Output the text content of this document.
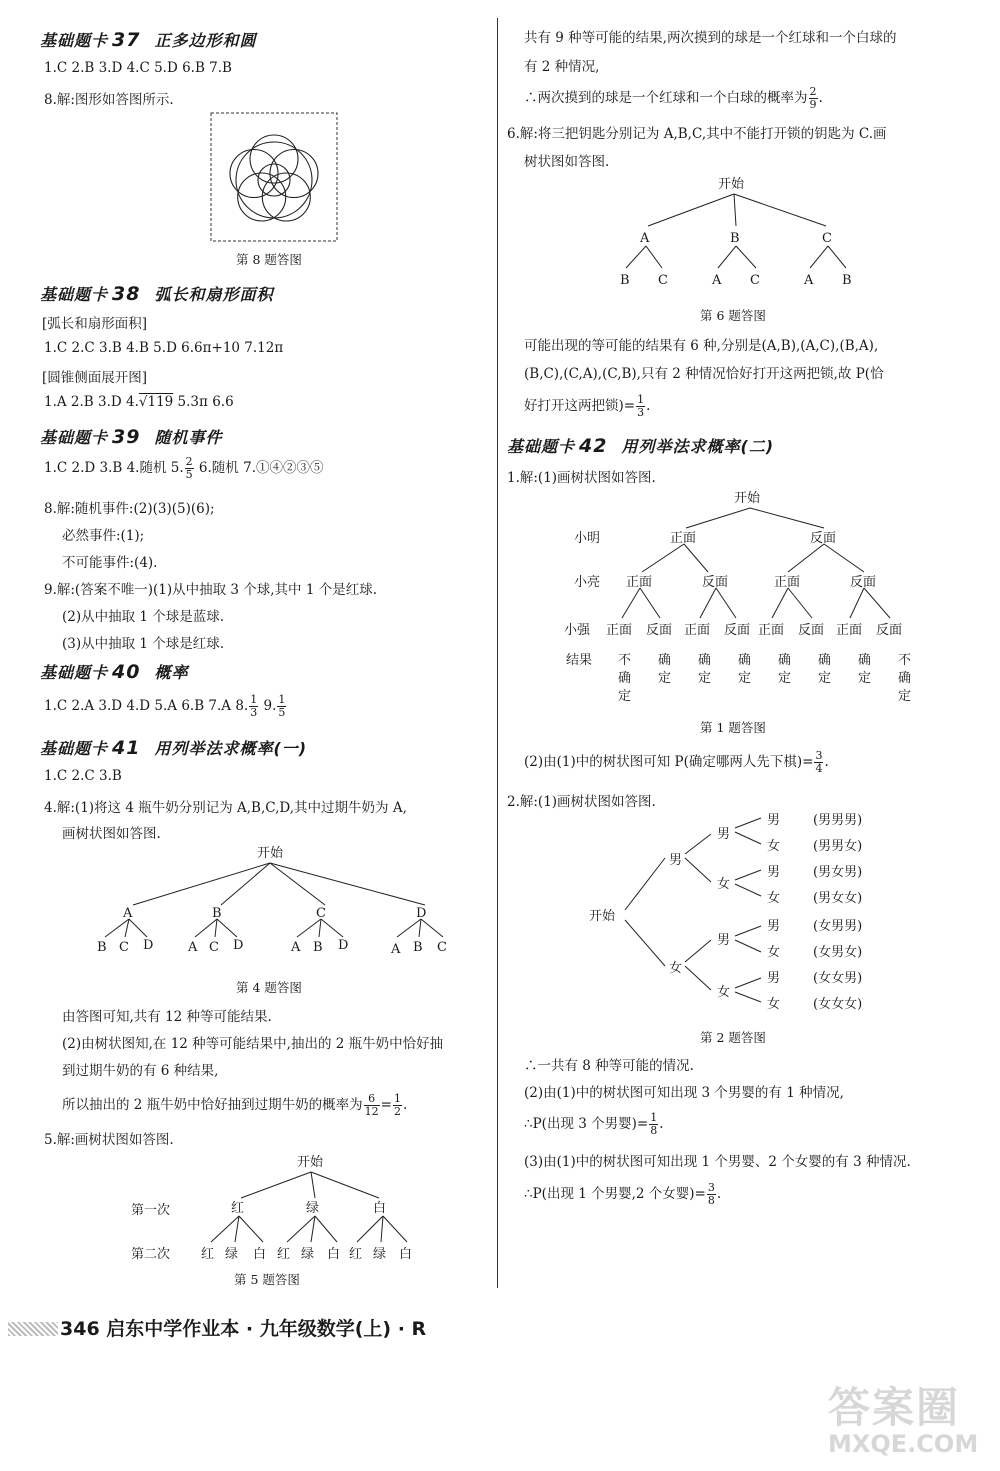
基础题卡 37 正多边形和圆
1.C 2.B 3.D 4.C 5.D 6.B 7.B
8.解:图形如答图所示.
第 8 题答图
基础题卡 38 弧长和扇形面积
[弧长和扇形面积]
1.C 2.C 3.B 4.B 5.D 6.6π+10 7.12π
[圆锥侧面展开图]
1.A 2.B 3.D 4.√119 5.3π 6.6
基础题卡 39 随机事件
1.C 2.D 3.B 4.随机 5. $\frac{2}{5} 6$.随机 7.①④②③⑤
8.解:随机事件:(2)(3)(5)(6);
必然事件:(1);
不可能事件:(4).
9.解:(答案不唯一)(1)从中抽取 3 个球,其中 1 个是红球.
(2)从中抽取 1 个球是蓝球.
(3)从中抽取 1 个球是红球.
基础题卡 40 概率
1.C 2.A 3.D 4.D 5.A 6.B 7.A 8. $\frac{1}{3} 9$. $\frac{1}{5}$
基础题卡 41 用列举法求概率(一)
1.C 2.C 3.B
4.解:(1)将这 4 瓶牛奶分别记为 A,B,C,D,其中过期牛奶为 A,
画树状图如答图.
开始
A	B	C	D
B C D	A C D	A B D	A B C
第 4 题答图
由答图可知,共有 12 种等可能结果.
(2)由树状图知,在 12 种等可能结果中,抽出的 2 瓶牛奶中恰好抽
到过期牛奶的有 6 种结果,
所以抽出的 2 瓶牛奶中恰好抽到过期牛奶的概率为 $\frac{6}{12} = \frac{1}{2}$ .
5.解:画树状图如答图.
开始
第一次
第二次
红	绿	白
红 绿 白 红 绿 白 红 绿 白
第 5 题答图
共有 9 种等可能的结果,两次摸到的球是一个红球和一个白球的
有 2 种情况,
∴两次摸到的球是一个红球和一个白球的概率为 $\frac{2}{9}$ .
6.解:将三把钥匙分别记为 A,B,C,其中不能打开锁的钥匙为 C.画
树状图如答图.
开始
A	B	C
B C	A C	A B
第 6 题答图
可能出现的等可能的结果有 6 种,分别是(A,B),(A,C),(B,A),
(B,C),(C,A),(C,B),只有 2 种情况恰好打开这两把锁,故 P(恰
好打开这两把锁)= $\frac{1}{3}$ .
基础题卡 42 用列举法求概率(二)
1.解:(1)画树状图如答图.
开始
小明
小亮
小强
结果
正面	反面
正面	反面	正面	反面
正面 反面 正面 反面 正面 反面 正面 反面
不确定
确定
确定
确定
确定
确定
确定
不确定
第 1 题答图
(2)由(1)中的树状图可知 P(确定哪两人先下棋)= $\frac{3}{4}$ .
2.解:(1)画树状图如答图.
开始
男
女
男
女
男
女
男
女
男
女
男
女
男
女
(男男男)
(男男女)
(男女男)
(男女女)
(女男男)
(女男女)
(女女男)
(女女女)
第 2 题答图
∴一共有 8 种等可能的情况.
(2)由(1)中的树状图可知出现 3 个男婴的有 1 种情况,
∴P(出现 3 个男婴)= $\frac{1}{8}$ .
(3)由(1)中的树状图可知出现 1 个男婴、2 个女婴的有 3 种情况.
∴P(出现 1 个男婴,2 个女婴)= $\frac{3}{8}$ .
346 启东中学作业本 · 九年级数学(上) · R
答案圈
MXQE.COM
